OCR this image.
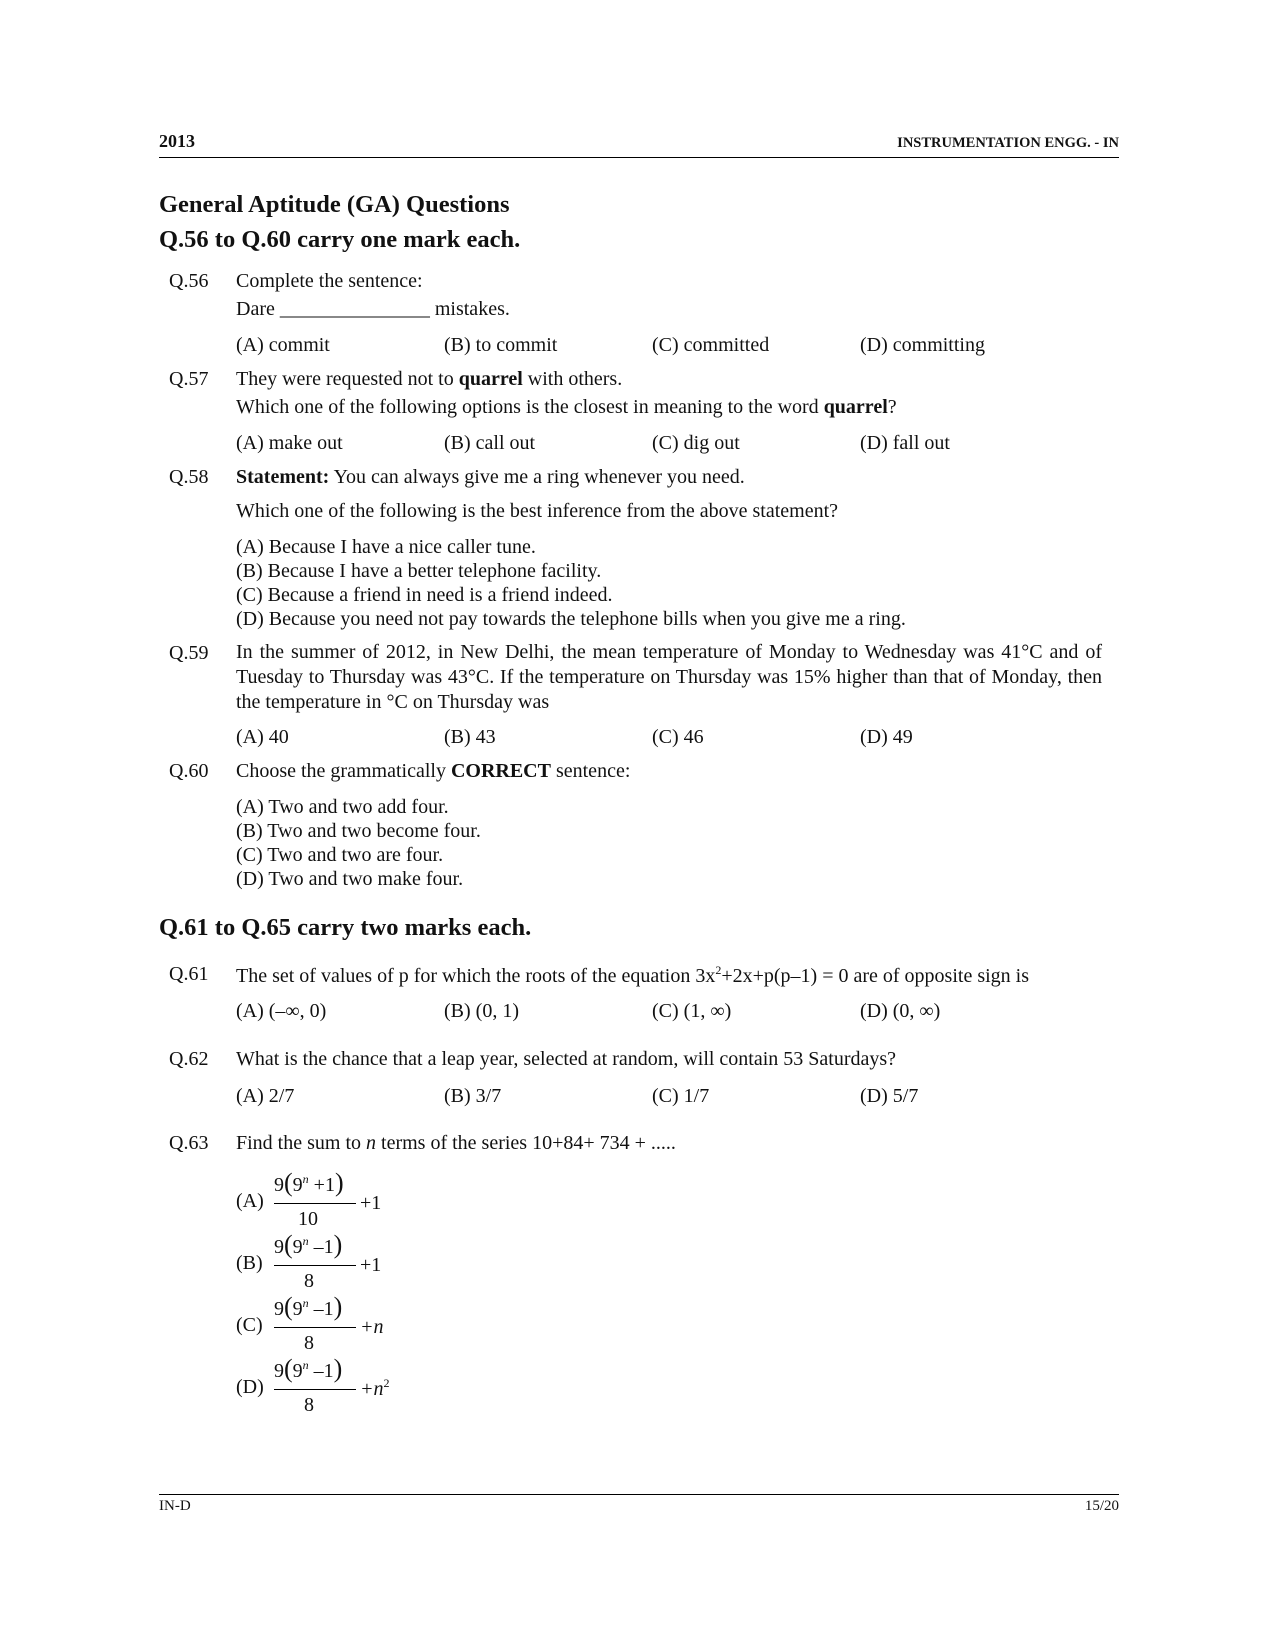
2013	INSTRUMENTATION ENGG. - IN
General Aptitude (GA) Questions
Q.56 to Q.60 carry one mark each.
Q.56 Complete the sentence:
Dare _______________ mistakes.
(A) commit	(B) to commit	(C) committed	(D) committing
Q.57 They were requested not to quarrel with others.
Which one of the following options is the closest in meaning to the word quarrel?
(A) make out	(B) call out	(C) dig out	(D) fall out
Q.58 Statement: You can always give me a ring whenever you need.
Which one of the following is the best inference from the above statement?
(A) Because I have a nice caller tune.
(B) Because I have a better telephone facility.
(C) Because a friend in need is a friend indeed.
(D) Because you need not pay towards the telephone bills when you give me a ring.
Q.59 In the summer of 2012, in New Delhi, the mean temperature of Monday to Wednesday was 41°C and of Tuesday to Thursday was 43°C. If the temperature on Thursday was 15% higher than that of Monday, then the temperature in °C on Thursday was
(A) 40	(B) 43	(C) 46	(D) 49
Q.60 Choose the grammatically CORRECT sentence:
(A) Two and two add four.
(B) Two and two become four.
(C) Two and two are four.
(D) Two and two make four.
Q.61 to Q.65 carry two marks each.
Q.61 The set of values of p for which the roots of the equation $3x^2+2x+p(p-1) = 0$ are of opposite sign is
(A) (–∞, 0)	(B) (0, 1)	(C) (1, ∞)	(D) (0, ∞)
Q.62 What is the chance that a leap year, selected at random, will contain 53 Saturdays?
(A) 2/7	(B) 3/7	(C) 1/7	(D) 5/7
Q.63 Find the sum to n terms of the series 10+84+ 734 + .....
(A)
$9(9^n +1)$
10
+1
(B)
9(9$^n$ –1)
8
+1
(C)
9(9$^n$ –1)
8
+n
(D)
9(9$^n$ –1)
8
$+n^2$
IN-D	15/20
